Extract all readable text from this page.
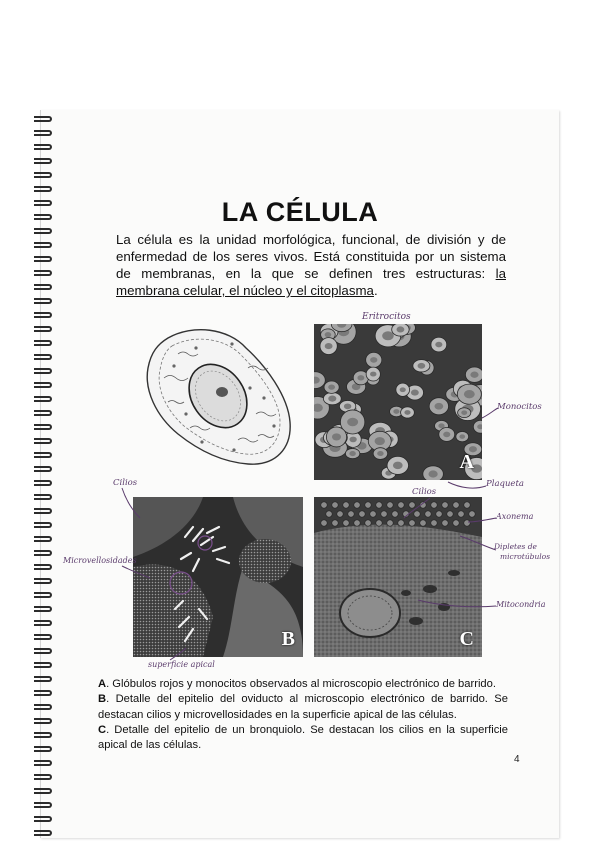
LA CÉLULA
La célula es la unidad morfológica, funcional, de división y de enfermedad de los seres vivos. Está constituida por un sistema de membranas, en la que se definen tres estructuras: la membrana celular, el núcleo y el citoplasma.
A
B	C
Eritrocitos
Monocitos
Plaqueta
Cilios
Microvellosidades
superficie apical
Cilios
Axonema
Dipletes de
microtúbulos
Mitocondria

A. Glóbulos rojos y monocitos observados al microscopio electrónico de barrido.

B. Detalle del epitelio del oviducto al microscopio electrónico de barrido. Se destacan cilios y microvellosidades en la superficie apical de las células.

C. Detalle del epitelio de un bronquiolo. Se destacan los cilios en la superficie apical de las células.

4
